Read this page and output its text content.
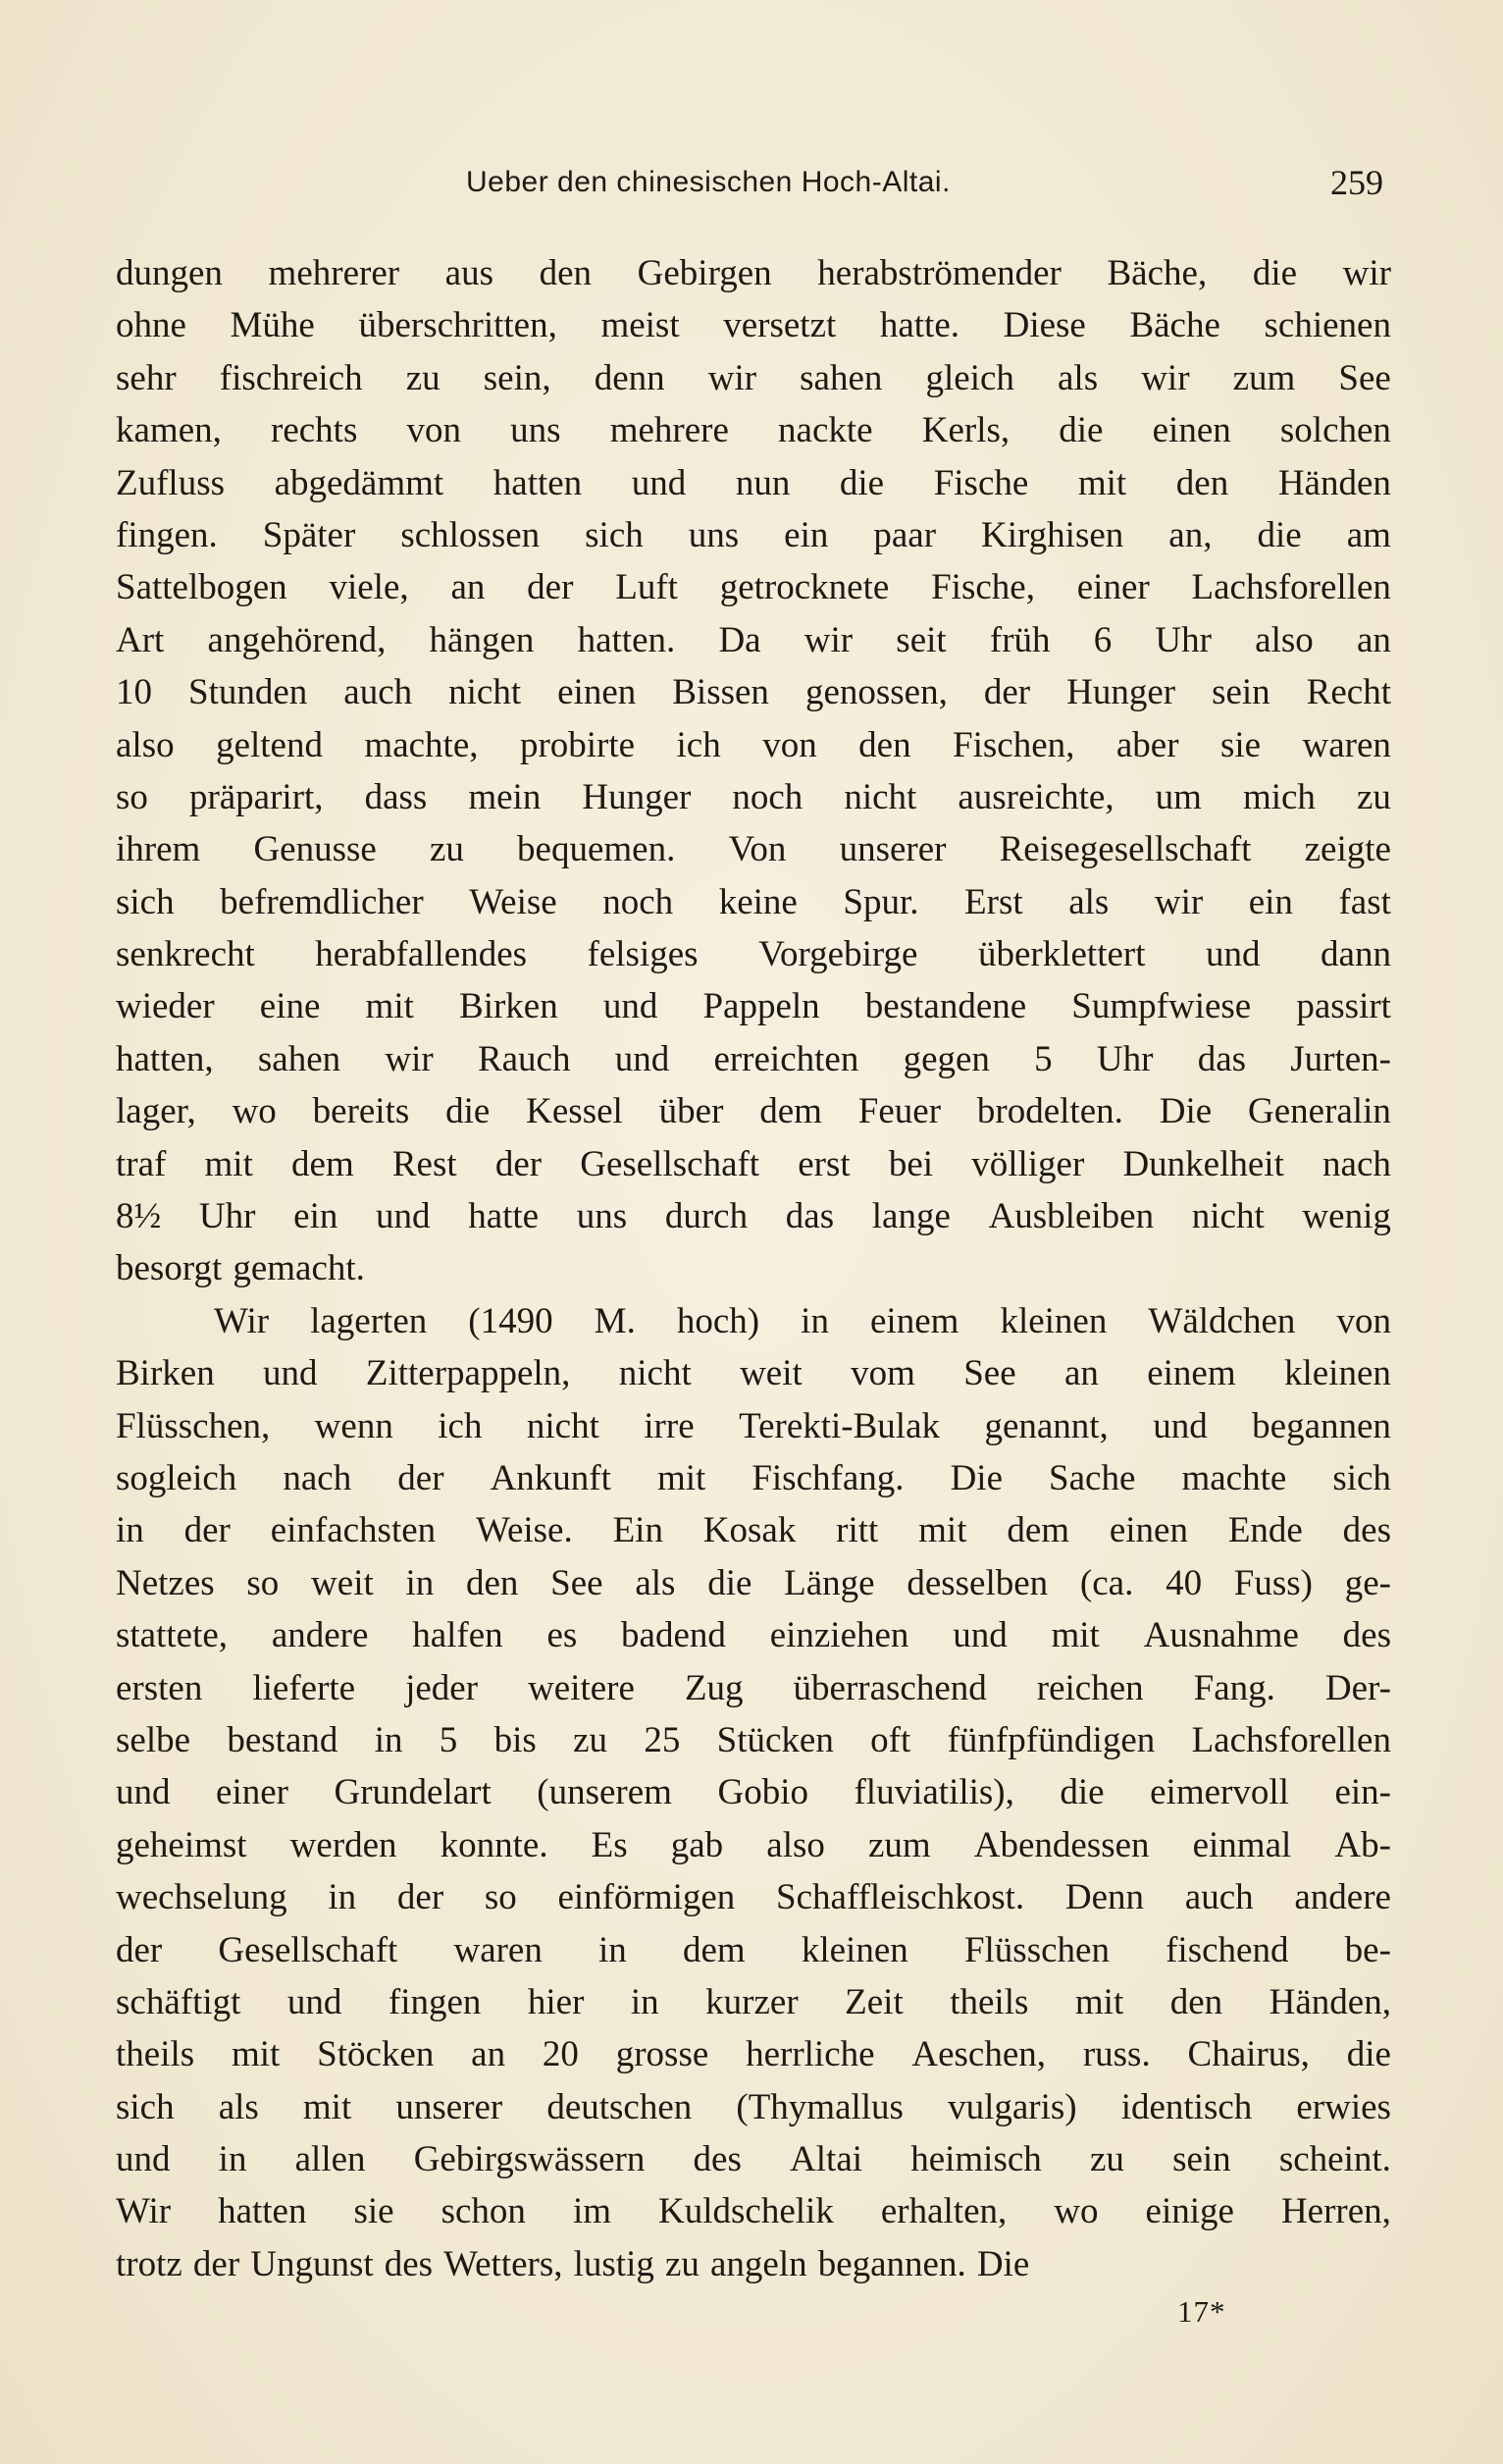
Ueber den chinesischen Hoch-Altai.	259
dungen mehrerer aus den Gebirgen herabströmender Bäche, die wir
ohne Mühe überschritten, meist versetzt hatte. Diese Bäche schienen
sehr fischreich zu sein, denn wir sahen gleich als wir zum See
kamen, rechts von uns mehrere nackte Kerls, die einen solchen
Zufluss abgedämmt hatten und nun die Fische mit den Händen
fingen. Später schlossen sich uns ein paar Kirghisen an, die am
Sattelbogen viele, an der Luft getrocknete Fische, einer Lachsforellen
Art angehörend, hängen hatten. Da wir seit früh 6 Uhr also an
10 Stunden auch nicht einen Bissen genossen, der Hunger sein Recht
also geltend machte, probirte ich von den Fischen, aber sie waren
so präparirt, dass mein Hunger noch nicht ausreichte, um mich zu
ihrem Genusse zu bequemen. Von unserer Reisegesellschaft zeigte
sich befremdlicher Weise noch keine Spur. Erst als wir ein fast
senkrecht herabfallendes felsiges Vorgebirge überklettert und dann
wieder eine mit Birken und Pappeln bestandene Sumpfwiese passirt
hatten, sahen wir Rauch und erreichten gegen 5 Uhr das Jurten-
lager, wo bereits die Kessel über dem Feuer brodelten. Die Generalin
traf mit dem Rest der Gesellschaft erst bei völliger Dunkelheit nach
8½ Uhr ein und hatte uns durch das lange Ausbleiben nicht wenig
besorgt gemacht.
Wir lagerten (1490 M. hoch) in einem kleinen Wäldchen von
Birken und Zitterpappeln, nicht weit vom See an einem kleinen
Flüsschen, wenn ich nicht irre Terekti-Bulak genannt, und begannen
sogleich nach der Ankunft mit Fischfang. Die Sache machte sich
in der einfachsten Weise. Ein Kosak ritt mit dem einen Ende des
Netzes so weit in den See als die Länge desselben (ca. 40 Fuss) ge-
stattete, andere halfen es badend einziehen und mit Ausnahme des
ersten lieferte jeder weitere Zug überraschend reichen Fang. Der-
selbe bestand in 5 bis zu 25 Stücken oft fünfpfündigen Lachsforellen
und einer Grundelart (unserem Gobio fluviatilis), die eimervoll ein-
geheimst werden konnte. Es gab also zum Abendessen einmal Ab-
wechselung in der so einförmigen Schaffleischkost. Denn auch andere
der Gesellschaft waren in dem kleinen Flüsschen fischend be-
schäftigt und fingen hier in kurzer Zeit theils mit den Händen,
theils mit Stöcken an 20 grosse herrliche Aeschen, russ. Chairus, die
sich als mit unserer deutschen (Thymallus vulgaris) identisch erwies
und in allen Gebirgswässern des Altai heimisch zu sein scheint.
Wir hatten sie schon im Kuldschelik erhalten, wo einige Herren,
trotz der Ungunst des Wetters, lustig zu angeln begannen. Die
17*
